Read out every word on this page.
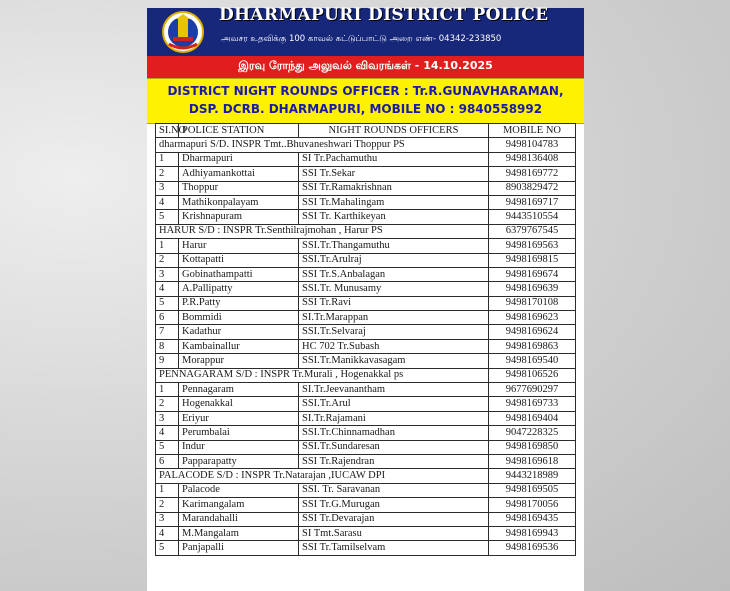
DHARMAPURI DISTRICT POLICE
அவசர உதவிக்கு 100 காவல் கட்டுப்பாட்டு அறை எண்- 04342-233850
இரவு ரோந்து அலுவல் விவரங்கள் - 14.10.2025
DISTRICT NIGHT ROUNDS OFFICER : Tr.R.GUNAVHARAMAN,
DSP. DCRB. DHARMAPURI, MOBILE NO : 9840558992
SI.NO	POLICE STATION	NIGHT ROUNDS OFFICERS	MOBILE NO
dharmapuri S/D. INSPR Tmt..Bhuvaneshwari Thoppur PS			9498104783
1	Dharmapuri	SI Tr.Pachamuthu	9498136408
2	Adhiyamankottai	SSI Tr.Sekar	9498169772
3	Thoppur	SSI Tr.Ramakrishnan	8903829472
4	Mathikonpalayam	SSI Tr.Mahalingam	9498169717
5	Krishnapuram	SSI Tr. Karthikeyan	9443510554
HARUR S/D : INSPR Tr.Senthilrajmohan , Harur PS			6379767545
1	Harur	SSI.Tr.Thangamuthu	9498169563
2	Kottapatti	SSI.Tr.Arulraj	9498169815
3	Gobinathampatti	SSI Tr.S.Anbalagan	9498169674
4	A.Pallipatty	SSI.Tr. Munusamy	9498169639
5	P.R.Patty	SSI Tr.Ravi	9498170108
6	Bommidi	SI.Tr.Marappan	9498169623
7	Kadathur	SSI.Tr.Selvaraj	9498169624
8	Kambainallur	HC 702 Tr.Subash	9498169863
9	Morappur	SSI.Tr.Manikkavasagam	9498169540
PENNAGARAM S/D : INSPR Tr.Murali , Hogenakkal ps			9498106526
1	Pennagaram	SI.Tr.Jeevanantham	9677690297
2	Hogenakkal	SSI.Tr.Arul	9498169733
3	Eriyur	SI.Tr.Rajamani	9498169404
4	Perumbalai	SSI.Tr.Chinnamadhan	9047228325
5	Indur	SSI.Tr.Sundaresan	9498169850
6	Papparapatty	SSI Tr.Rajendran	9498169618
PALACODE S/D : INSPR Tr.Natarajan ,IUCAW DPI			9443218989
1	Palacode	SSI. Tr. Saravanan	9498169505
2	Karimangalam	SSI Tr.G.Murugan	9498170056
3	Marandahalli	SSI Tr.Devarajan	9498169435
4	M.Mangalam	SI Tmt.Sarasu	9498169943
5	Panjapalli	SSI Tr.Tamilselvam	9498169536
